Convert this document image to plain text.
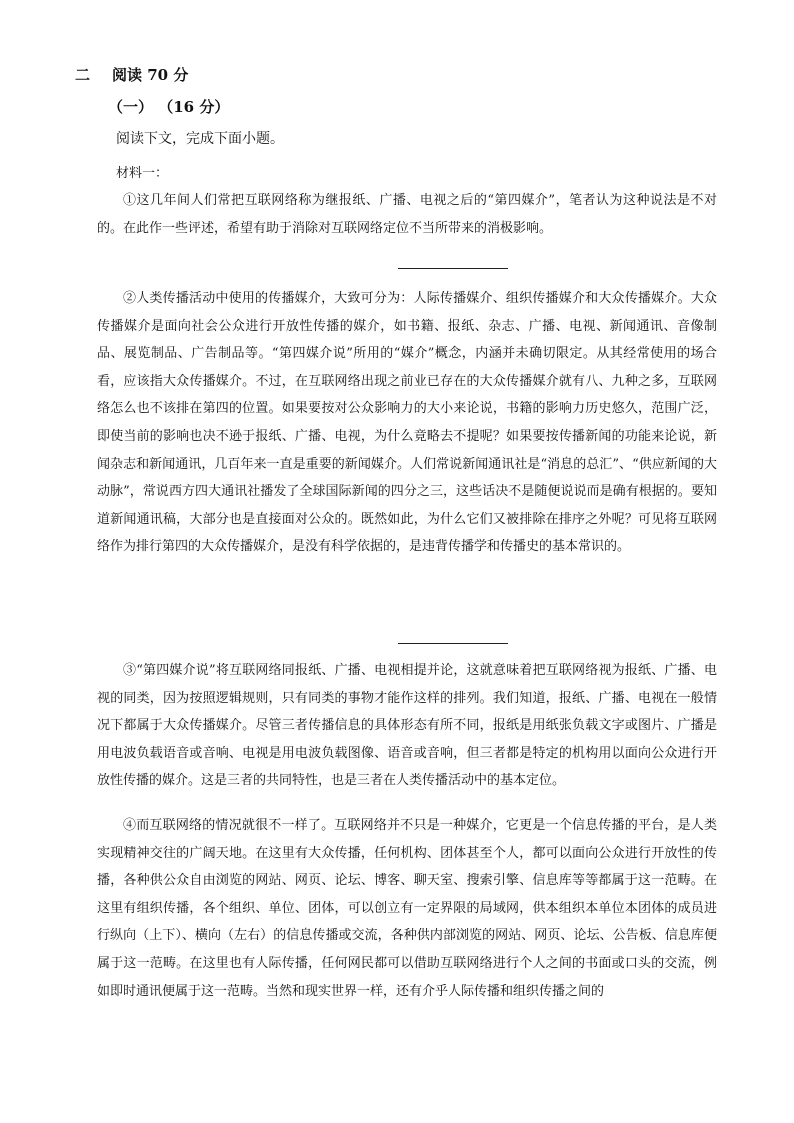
二 阅读 70 分
（一） （16 分）
阅读下文，完成下面小题。
材料一：

①这几年间人们常把互联网络称为继报纸、广播、电视之后的“第四媒介”，笔者认为这种说法是不对的。在此作一些评述，希望有助于消除对互联网络定位不当所带来的消极影响。

②人类传播活动中使用的传播媒介，大致可分为：人际传播媒介、组织传播媒介和大众传播媒介。大众传播媒介是面向社会公众进行开放性传播的媒介，如书籍、报纸、杂志、广播、电视、新闻通讯、音像制品、展览制品、广告制品等。“第四媒介说”所用的“媒介”概念，内涵并未确切限定。从其经常使用的场合看，应该指大众传播媒介。不过，在互联网络出现之前业已存在的大众传播媒介就有八、九种之多，互联网络怎么也不该排在第四的位置。如果要按对公众影响力的大小来论说，书籍的影响力历史悠久，范围广泛，即使当前的影响也决不逊于报纸、广播、电视，为什么竟略去不提呢？如果要按传播新闻的功能来论说，新闻杂志和新闻通讯，几百年来一直是重要的新闻媒介。人们常说新闻通讯社是“消息的总汇”、“供应新闻的大动脉”，常说西方四大通讯社播发了全球国际新闻的四分之三，这些话决不是随便说说而是确有根据的。要知道新闻通讯稿，大部分也是直接面对公众的。既然如此，为什么它们又被排除在排序之外呢？可见将互联网络作为排行第四的大众传播媒介，是没有科学依据的，是违背传播学和传播史的基本常识的。

③“第四媒介说”将互联网络同报纸、广播、电视相提并论，这就意味着把互联网络视为报纸、广播、电视的同类，因为按照逻辑规则，只有同类的事物才能作这样的排列。我们知道，报纸、广播、电视在一般情况下都属于大众传播媒介。尽管三者传播信息的具体形态有所不同，报纸是用纸张负载文字或图片、广播是用电波负载语音或音响、电视是用电波负载图像、语音或音响，但三者都是特定的机构用以面向公众进行开放性传播的媒介。这是三者的共同特性，也是三者在人类传播活动中的基本定位。

④而互联网络的情况就很不一样了。互联网络并不只是一种媒介，它更是一个信息传播的平台，是人类实现精神交往的广阔天地。在这里有大众传播，任何机构、团体甚至个人，都可以面向公众进行开放性的传播，各种供公众自由浏览的网站、网页、论坛、博客、聊天室、搜索引擎、信息库等等都属于这一范畴。在这里有组织传播，各个组织、单位、团体，可以创立有一定界限的局域网，供本组织本单位本团体的成员进行纵向（上下）、横向（左右）的信息传播或交流，各种供内部浏览的网站、网页、论坛、公告板、信息库便属于这一范畴。在这里也有人际传播，任何网民都可以借助互联网络进行个人之间的书面或口头的交流，例如即时通讯便属于这一范畴。当然和现实世界一样，还有介乎人际传播和组织传播之间的
